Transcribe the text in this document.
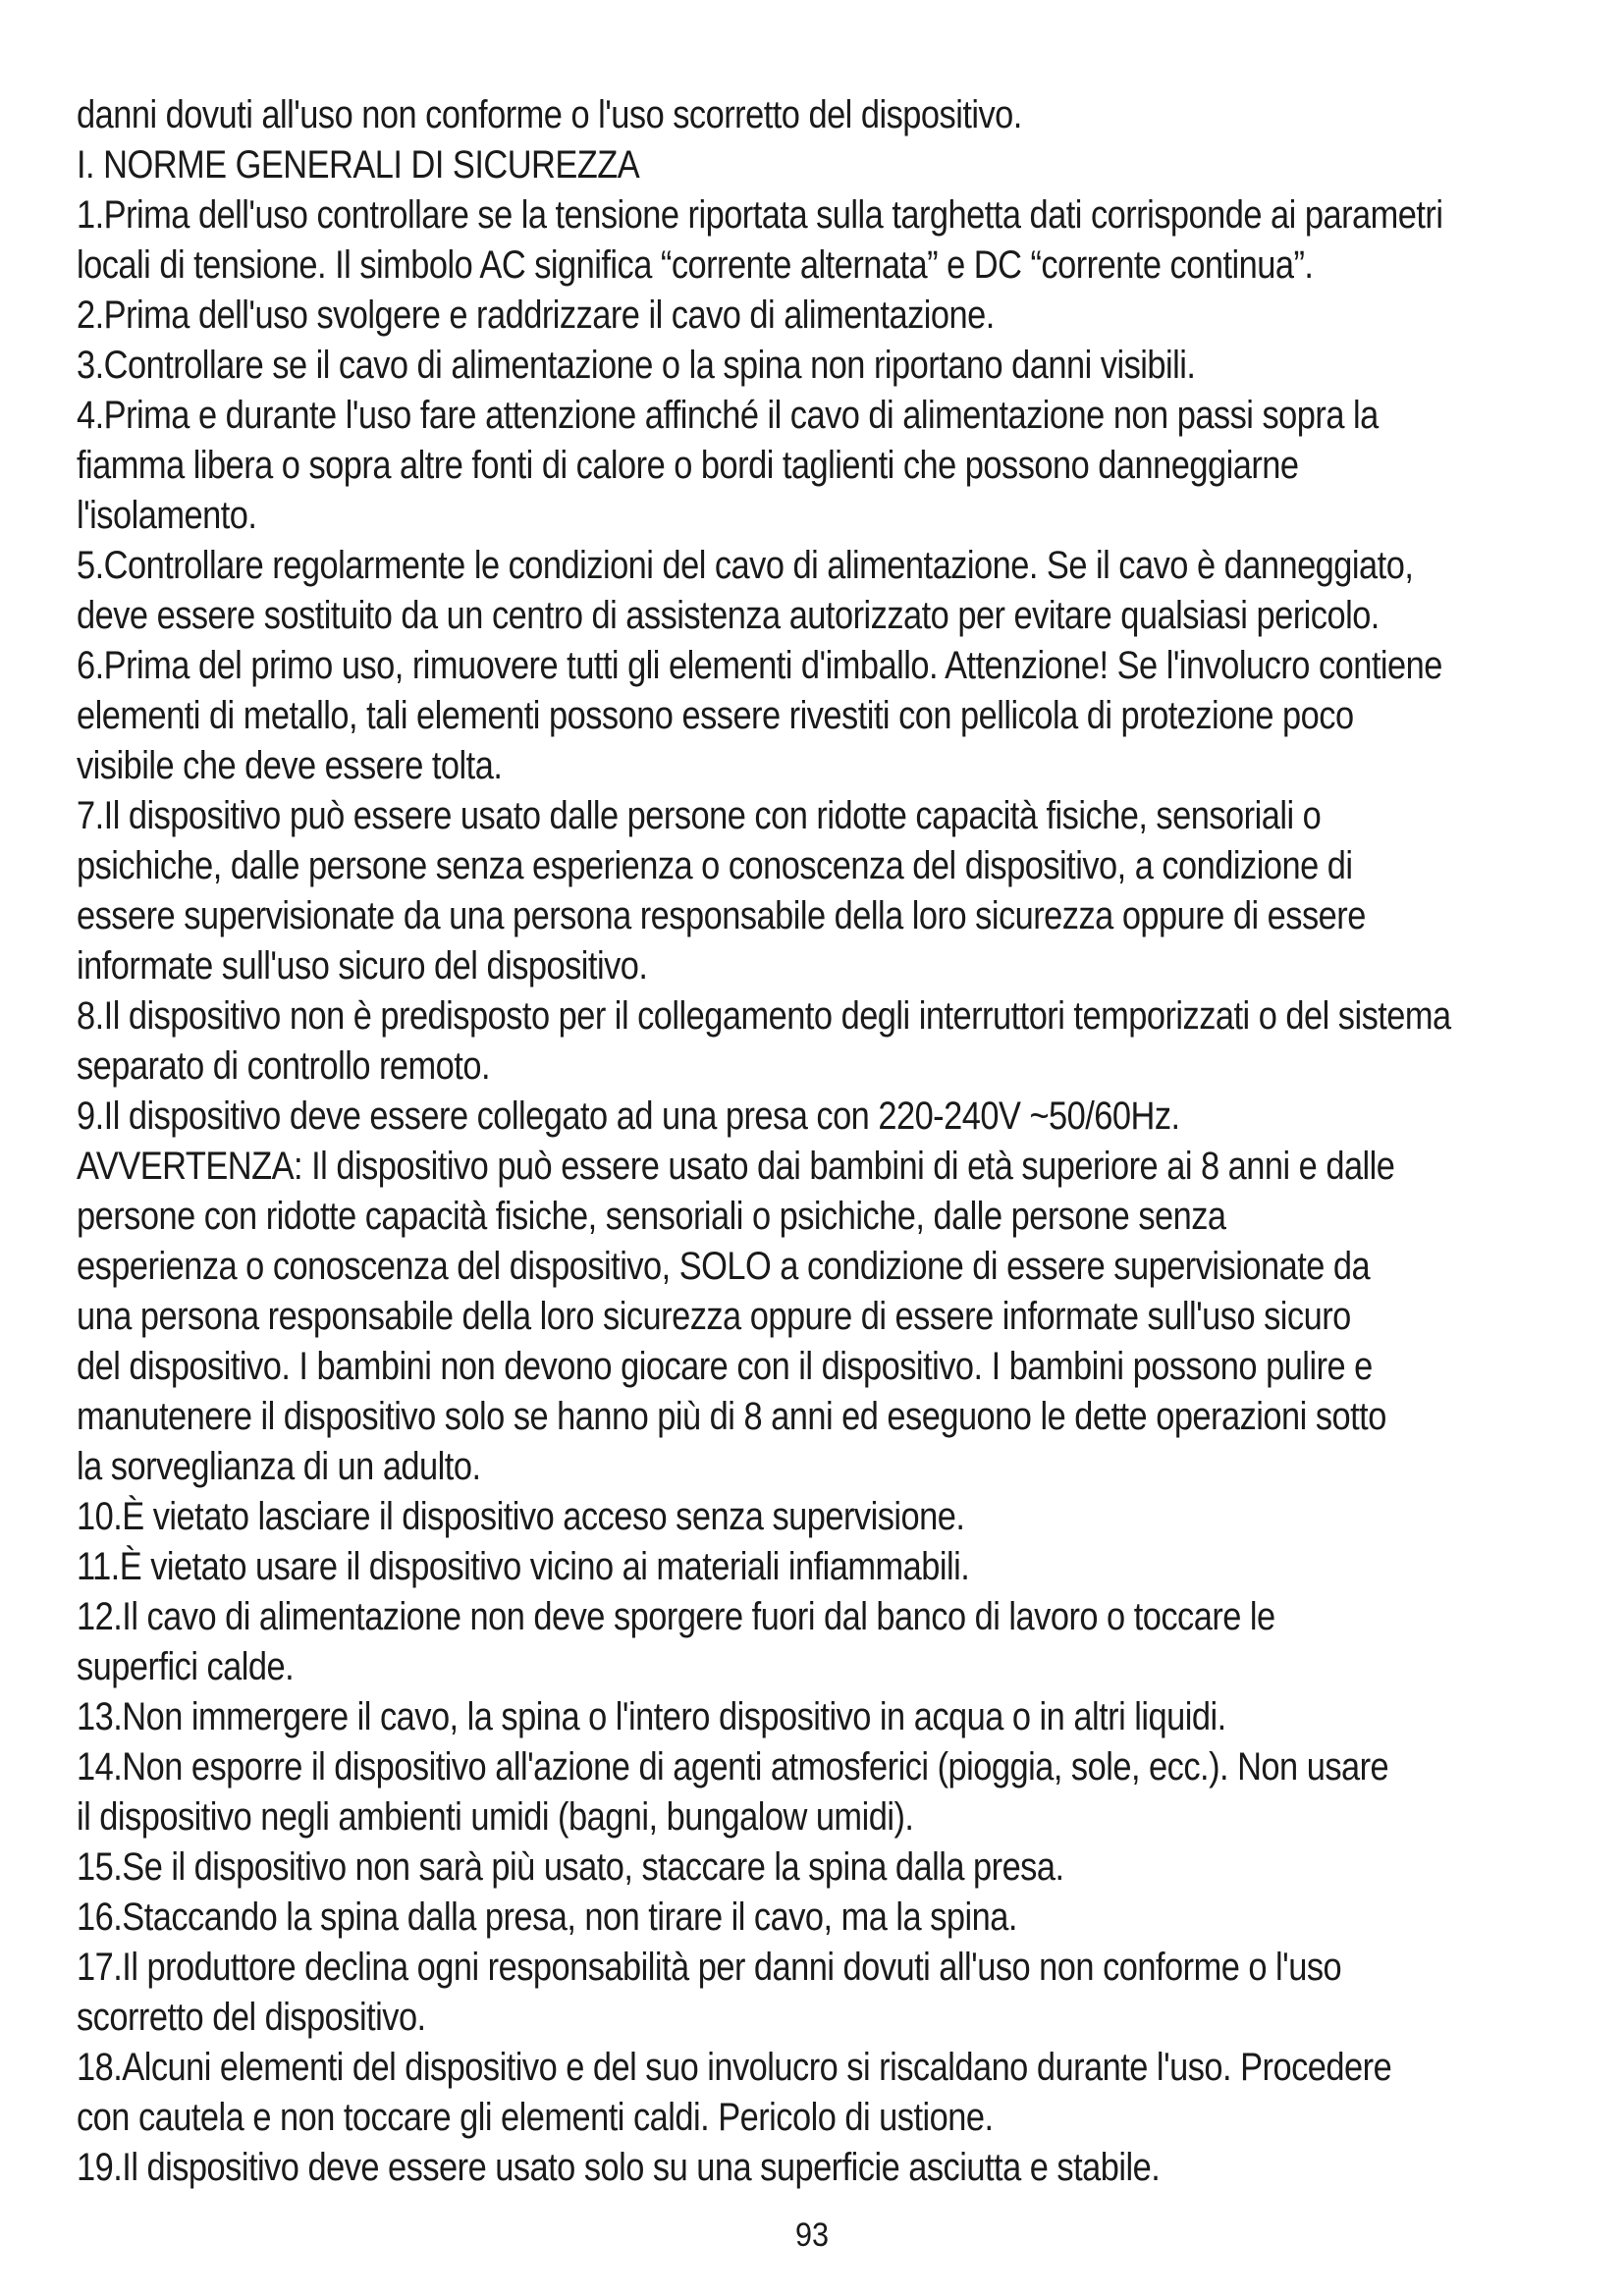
danni dovuti all'uso non conforme o l'uso scorretto del dispositivo.
I. NORME GENERALI DI SICUREZZA
1.Prima dell'uso controllare se la tensione riportata sulla targhetta dati corrisponde ai parametri
locali di tensione. Il simbolo AC significa “corrente alternata” e DC “corrente continua”.
2.Prima dell'uso svolgere e raddrizzare il cavo di alimentazione.
3.Controllare se il cavo di alimentazione o la spina non riportano danni visibili.
4.Prima e durante l'uso fare attenzione affinché il cavo di alimentazione non passi sopra la
fiamma libera o sopra altre fonti di calore o bordi taglienti che possono danneggiarne
l'isolamento.
5.Controllare regolarmente le condizioni del cavo di alimentazione. Se il cavo è danneggiato,
deve essere sostituito da un centro di assistenza autorizzato per evitare qualsiasi pericolo.
6.Prima del primo uso, rimuovere tutti gli elementi d'imballo. Attenzione! Se l'involucro contiene
elementi di metallo, tali elementi possono essere rivestiti con pellicola di protezione poco
visibile che deve essere tolta.
7.Il dispositivo può essere usato dalle persone con ridotte capacità fisiche, sensoriali o
psichiche, dalle persone senza esperienza o conoscenza del dispositivo, a condizione di
essere supervisionate da una persona responsabile della loro sicurezza oppure di essere
informate sull'uso sicuro del dispositivo.
8.Il dispositivo non è predisposto per il collegamento degli interruttori temporizzati o del sistema
separato di controllo remoto.
9.Il dispositivo deve essere collegato ad una presa con 220-240V ~50/60Hz.
AVVERTENZA: Il dispositivo può essere usato dai bambini di età superiore ai 8 anni e dalle
persone con ridotte capacità fisiche, sensoriali o psichiche, dalle persone senza
esperienza o conoscenza del dispositivo, SOLO a condizione di essere supervisionate da
una persona responsabile della loro sicurezza oppure di essere informate sull'uso sicuro
del dispositivo. I bambini non devono giocare con il dispositivo. I bambini possono pulire e
manutenere il dispositivo solo se hanno più di 8 anni ed eseguono le dette operazioni sotto
la sorveglianza di un adulto.
10.È vietato lasciare il dispositivo acceso senza supervisione.
11.È vietato usare il dispositivo vicino ai materiali infiammabili.
12.Il cavo di alimentazione non deve sporgere fuori dal banco di lavoro o toccare le
superfici calde.
13.Non immergere il cavo, la spina o l'intero dispositivo in acqua o in altri liquidi.
14.Non esporre il dispositivo all'azione di agenti atmosferici (pioggia, sole, ecc.). Non usare
il dispositivo negli ambienti umidi (bagni, bungalow umidi).
15.Se il dispositivo non sarà più usato, staccare la spina dalla presa.
16.Staccando la spina dalla presa, non tirare il cavo, ma la spina.
17.Il produttore declina ogni responsabilità per danni dovuti all'uso non conforme o l'uso
scorretto del dispositivo.
18.Alcuni elementi del dispositivo e del suo involucro si riscaldano durante l'uso. Procedere
con cautela e non toccare gli elementi caldi. Pericolo di ustione.
19.Il dispositivo deve essere usato solo su una superficie asciutta e stabile.
93
